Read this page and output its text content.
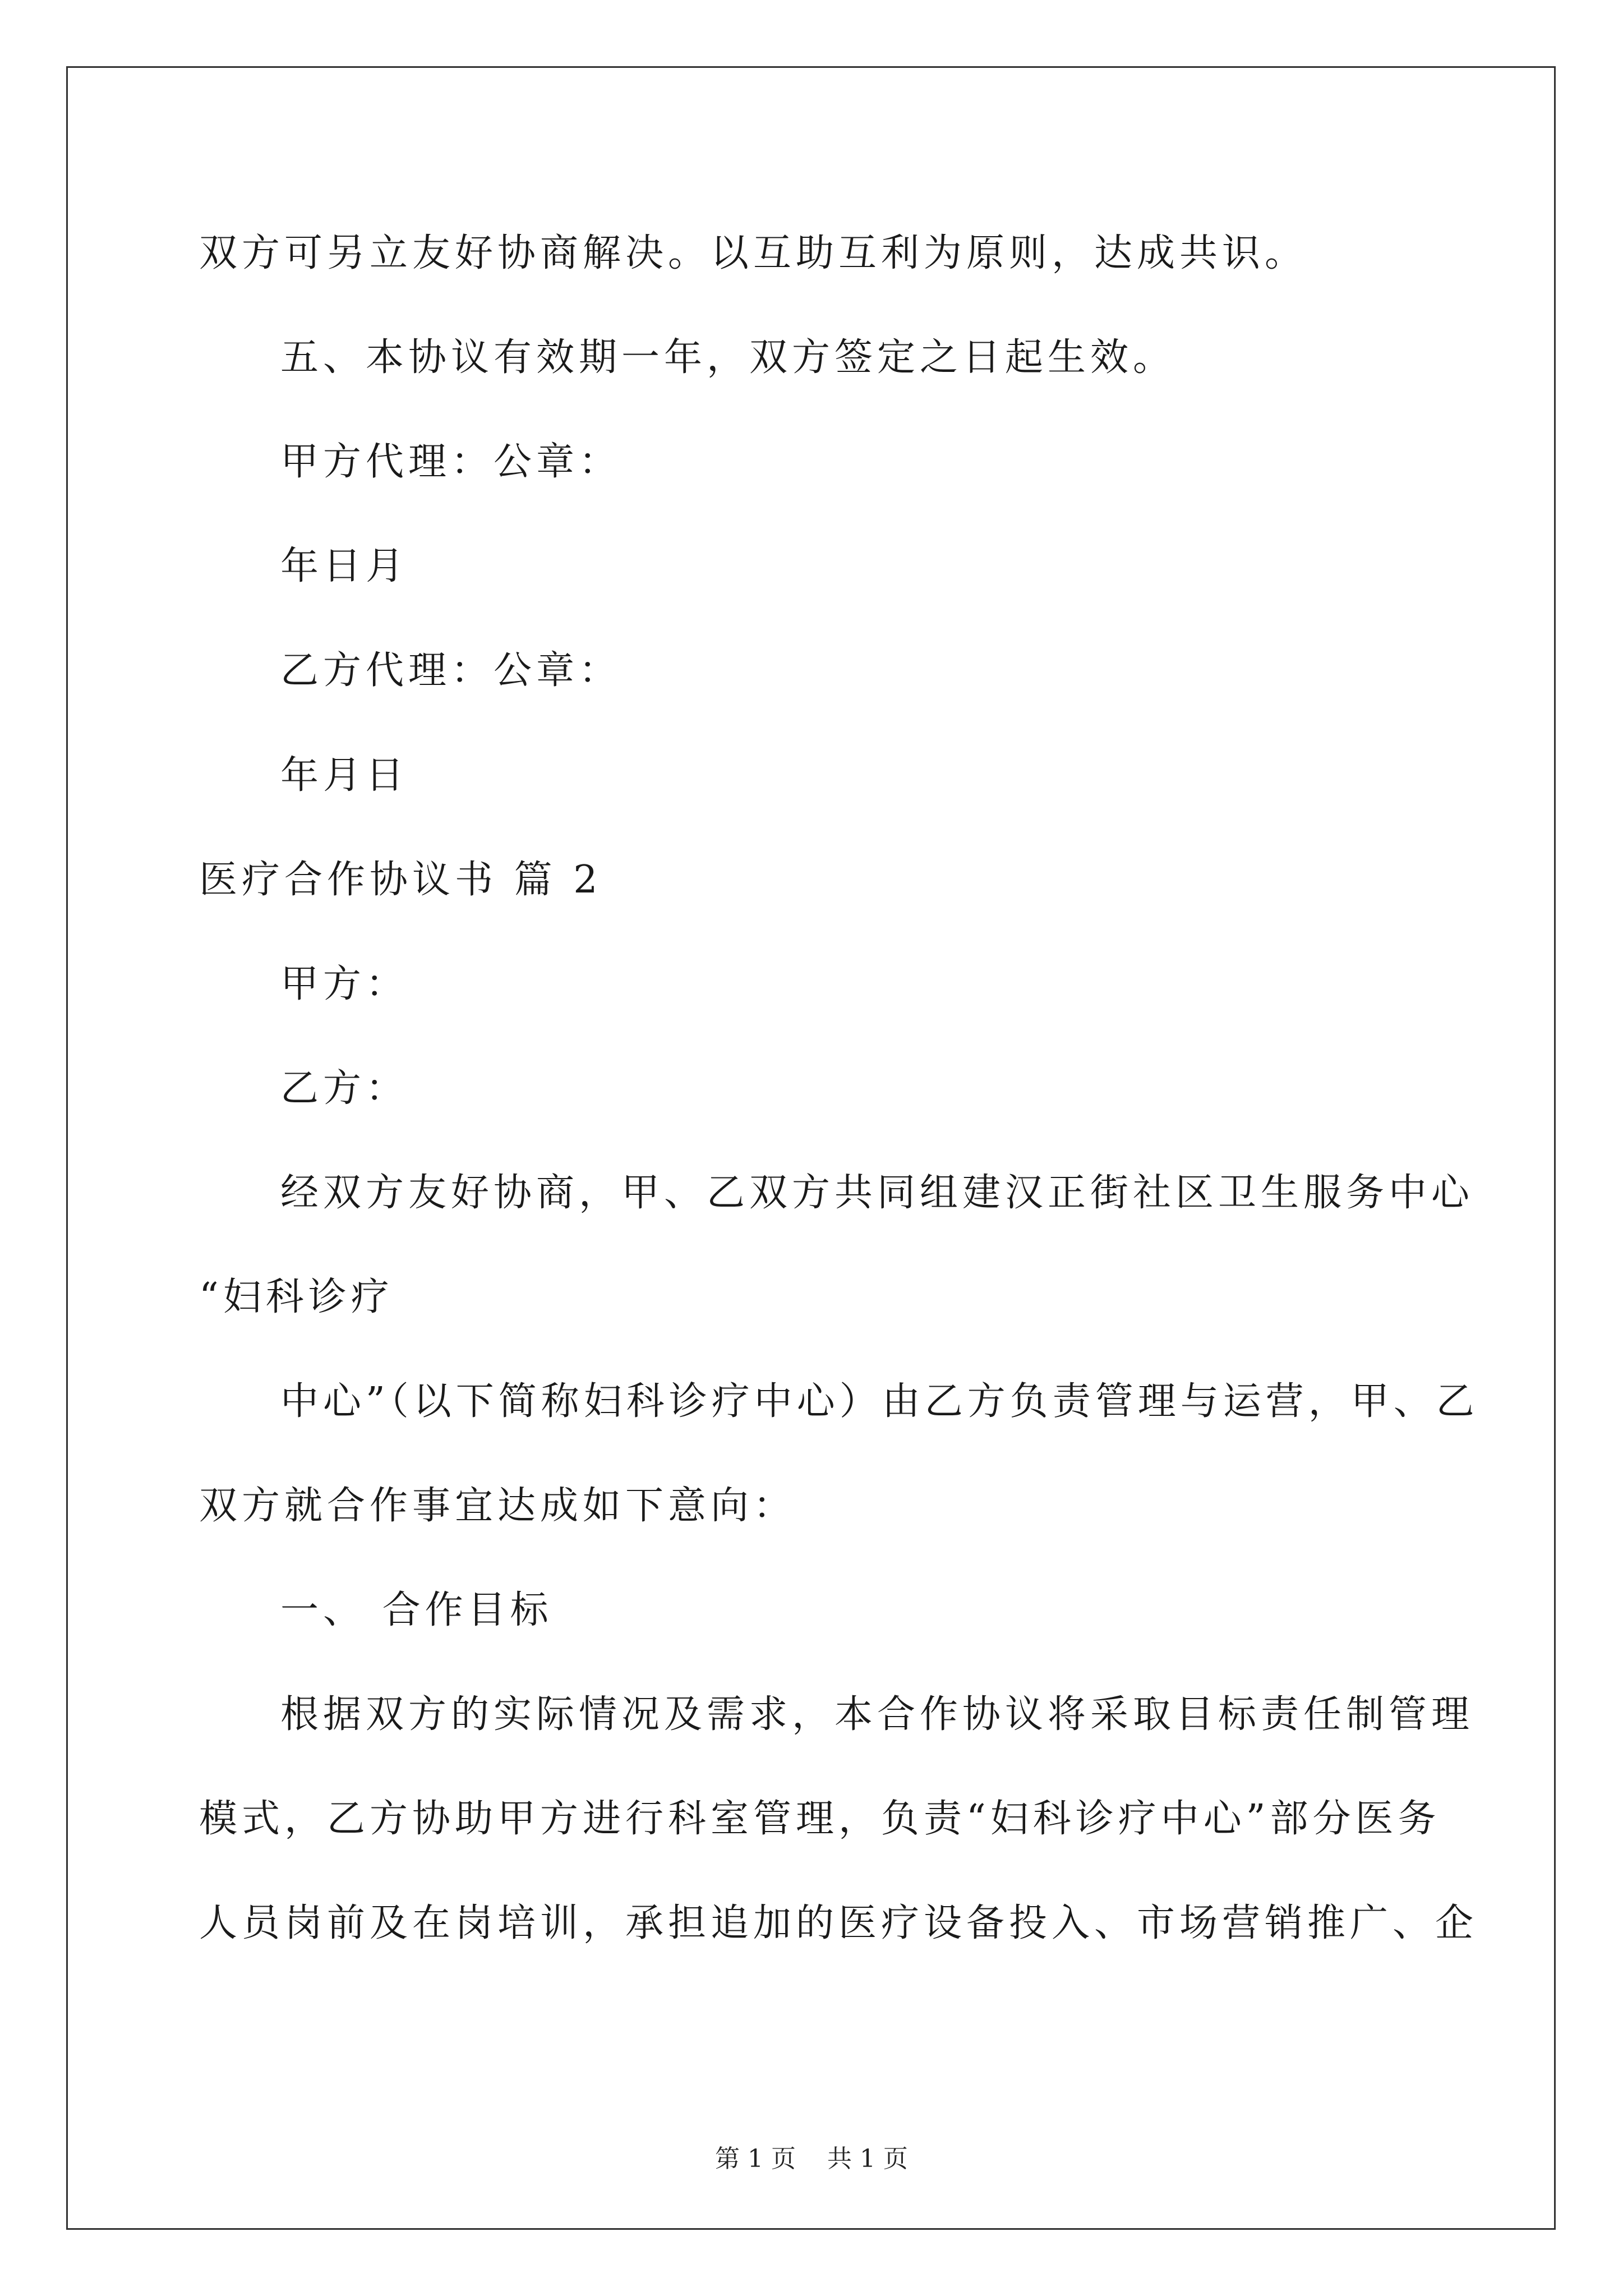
双方可另立友好协商解决。以互助互利为原则，达成共识。
五、本协议有效期一年，双方签定之日起生效。
甲方代理：公章：
年日月
乙方代理：公章：
年月日
医疗合作协议书 篇 2
甲方：
乙方：
经双方友好协商，甲、乙双方共同组建汉正街社区卫生服务中心
“妇科诊疗
中心”（以下简称妇科诊疗中心）由乙方负责管理与运营，甲、乙
双方就合作事宜达成如下意向：
一、 合作目标
根据双方的实际情况及需求，本合作协议将采取目标责任制管理
模式，乙方协助甲方进行科室管理，负责“妇科诊疗中心”部分医务
人员岗前及在岗培训，承担追加的医疗设备投入、市场营销推广、企
第 1 页    共 1 页
